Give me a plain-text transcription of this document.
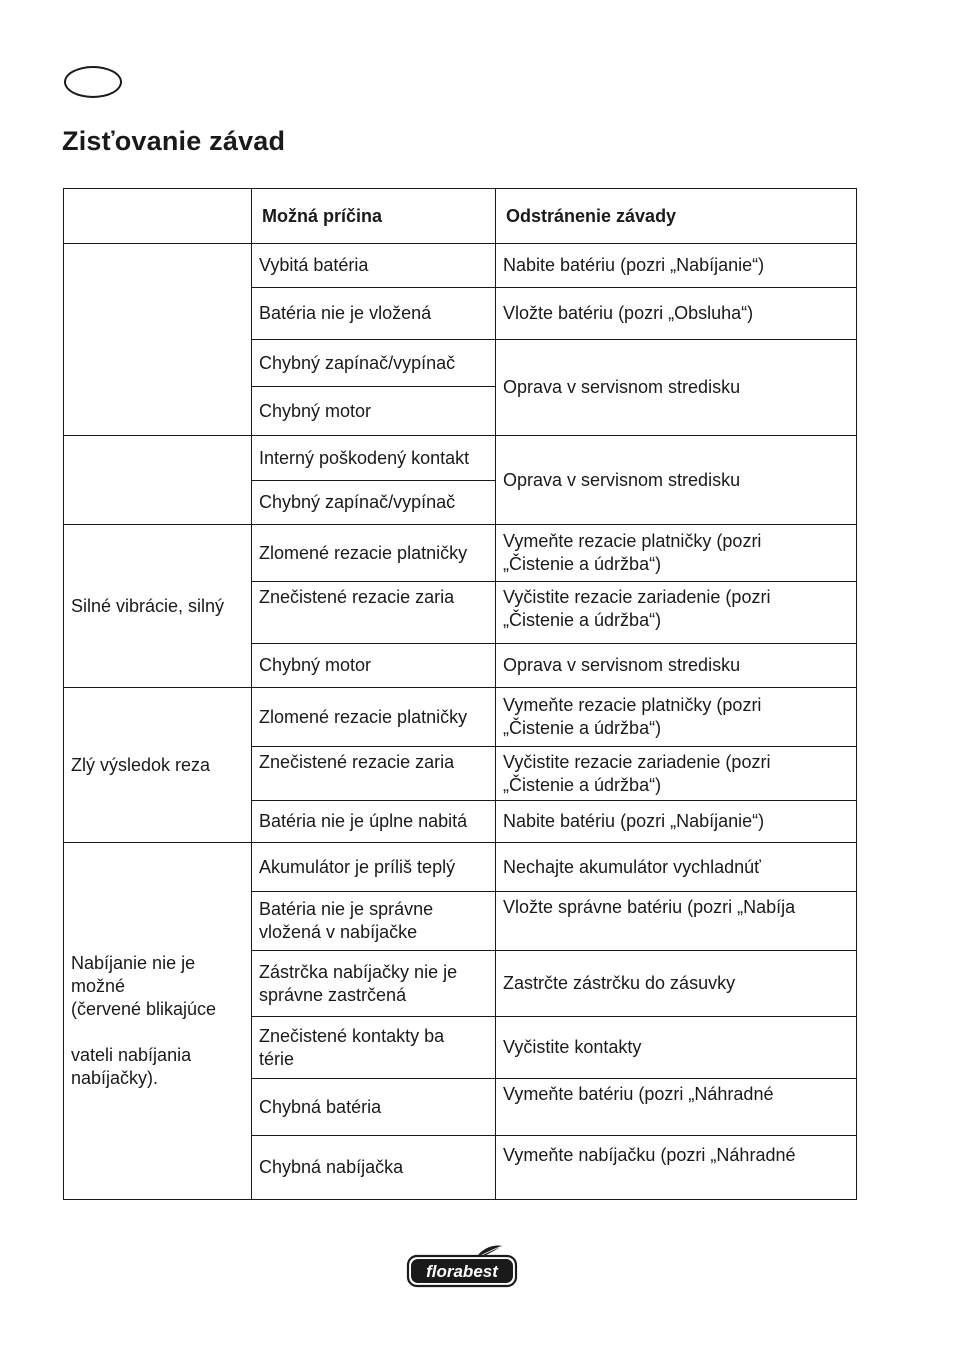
Zisťovanie závad
	Možná príčina	Odstránenie závady
	Vybitá batéria	Nabite batériu (pozri „Nabíjanie“)
	Batéria nie je vložená	Vložte batériu (pozri „Obsluha“)
	Chybný zapínač/vypínač	Oprava v servisnom stredisku
	Chybný motor	
	Interný poškodený kontakt	Oprava v servisnom stredisku
	Chybný zapínač/vypínač	
Silné vibrácie, silný	Zlomené rezacie platničky	Vymeňte rezacie platničky (pozri
„Čistenie a údržba“)

	Znečistené rezacie zaria	Vyčistite rezacie zariadenie (pozri
„Čistenie a údržba“)

	Chybný motor	Oprava v servisnom stredisku
Zlý výsledok reza	Zlomené rezacie platničky	Vymeňte rezacie platničky (pozri
„Čistenie a údržba“)

	Znečistené rezacie zaria	Vyčistite rezacie zariadenie (pozri
„Čistenie a údržba“)

	Batéria nie je úplne nabitá	Nabite batériu (pozri „Nabíjanie“)

Nabíjanie nie je
možné
(červené blikajúce
vateli nabíjania
nabíjačky).	Akumulátor je príliš teplý	Nechajte akumulátor vychladnúť

	Batéria nie je správne
vložená v nabíjačke	Vložte správne batériu (pozri „Nabíja

	Zástrčka nabíjačky nie je
správne zastrčená	Zastrčte zástrčku do zásuvky

	Znečistené kontakty ba
térie	Vyčistite kontakty
	Chybná batéria	Vymeňte batériu (pozri „Náhradné
	Chybná nabíjačka	Vymeňte nabíjačku (pozri „Náhradné
florabest
